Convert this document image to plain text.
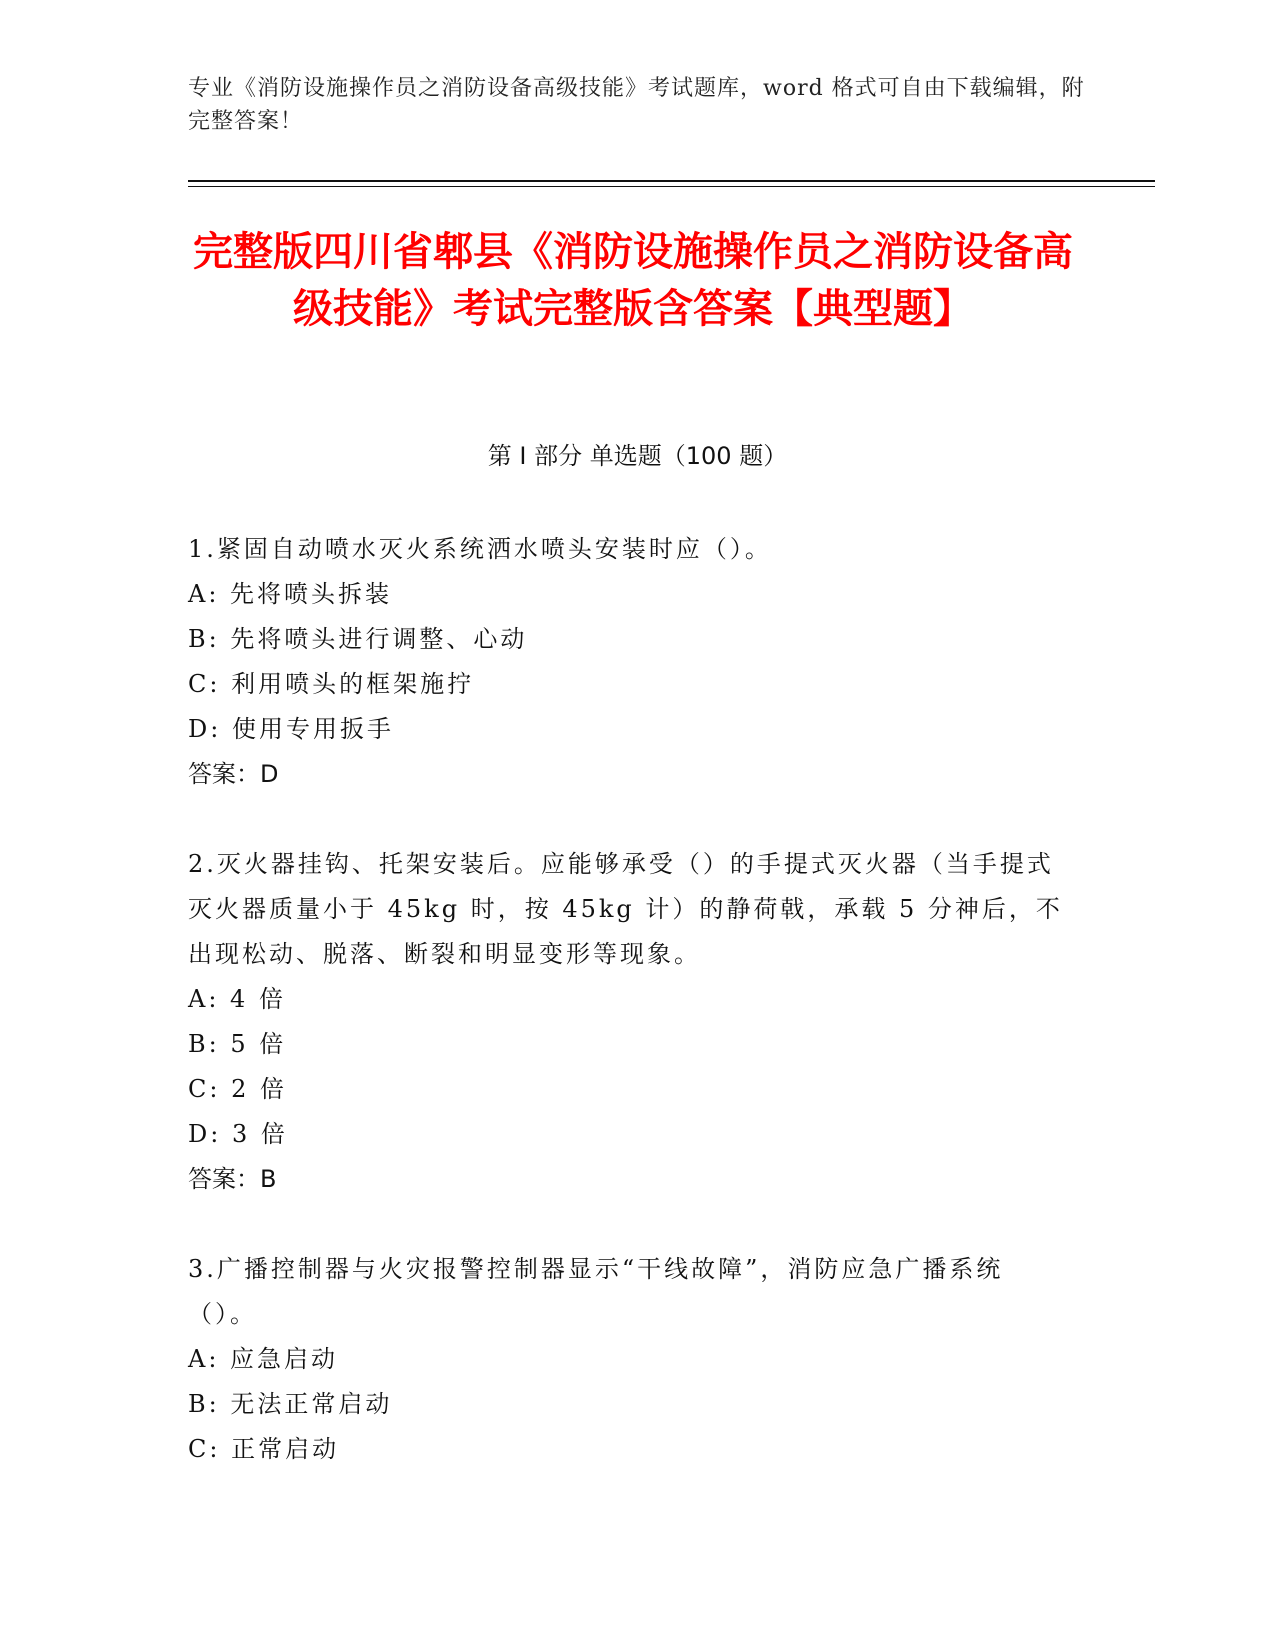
专业《消防设施操作员之消防设备高级技能》考试题库，word 格式可自由下载编辑，附完整答案！
完整版四川省郫县《消防设施操作员之消防设备高级技能》考试完整版含答案【典型题】
第 I 部分 单选题（100 题）
1.紧固自动喷水灭火系统洒水喷头安装时应（）。
A: 先将喷头拆装
B: 先将喷头进行调整、心动
C: 利用喷头的框架施拧
D: 使用专用扳手
答案：D
2.灭火器挂钩、托架安装后。应能够承受（）的手提式灭火器（当手提式灭火器质量小于 45kg 时，按 45kg 计）的静荷戟，承载 5 分神后，不出现松动、脱落、断裂和明显变形等现象。
A: 4 倍
B: 5 倍
C: 2 倍
D: 3 倍
答案：B
3.广播控制器与火灾报警控制器显示“干线故障”，消防应急广播系统（）。
A: 应急启动
B: 无法正常启动
C: 正常启动
